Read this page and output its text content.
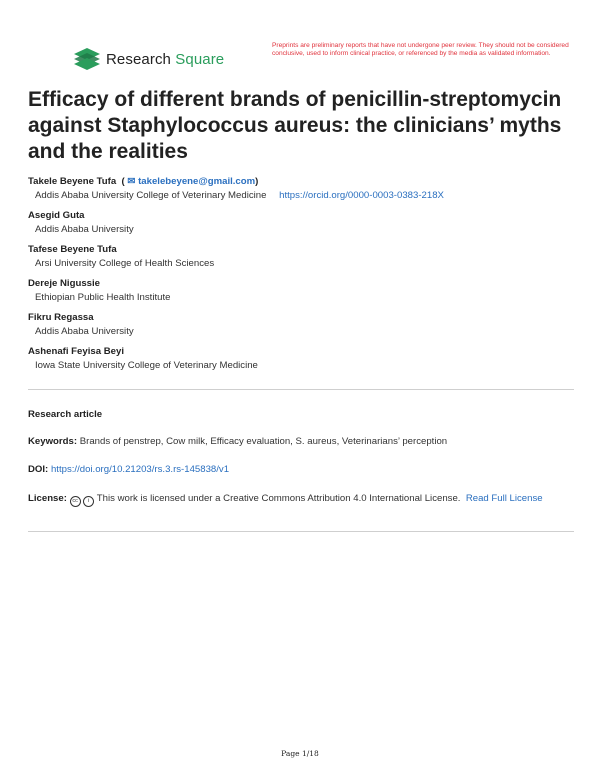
Research Square
Preprints are preliminary reports that have not undergone peer review. They should not be considered conclusive, used to inform clinical practice, or referenced by the media as validated information.
Efficacy of different brands of penicillin-streptomycin against Staphylococcus aureus: the clinicians’ myths and the realities
Takele Beyene Tufa ( ✉ takelebeyene@gmail.com)
Addis Ababa University College of Veterinary Medicine https://orcid.org/0000-0003-0383-218X
Asegid Guta
Addis Ababa University
Tafese Beyene Tufa
Arsi University College of Health Sciences
Dereje Nigussie
Ethiopian Public Health Institute
Fikru Regassa
Addis Ababa University
Ashenafi Feyisa Beyi
Iowa State University College of Veterinary Medicine
Research article
Keywords: Brands of penstrep, Cow milk, Efficacy evaluation, S. aureus, Veterinarians’ perception
DOI: https://doi.org/10.21203/rs.3.rs-145838/v1
License: cc i This work is licensed under a Creative Commons Attribution 4.0 International License. Read Full License
Page 1/18
